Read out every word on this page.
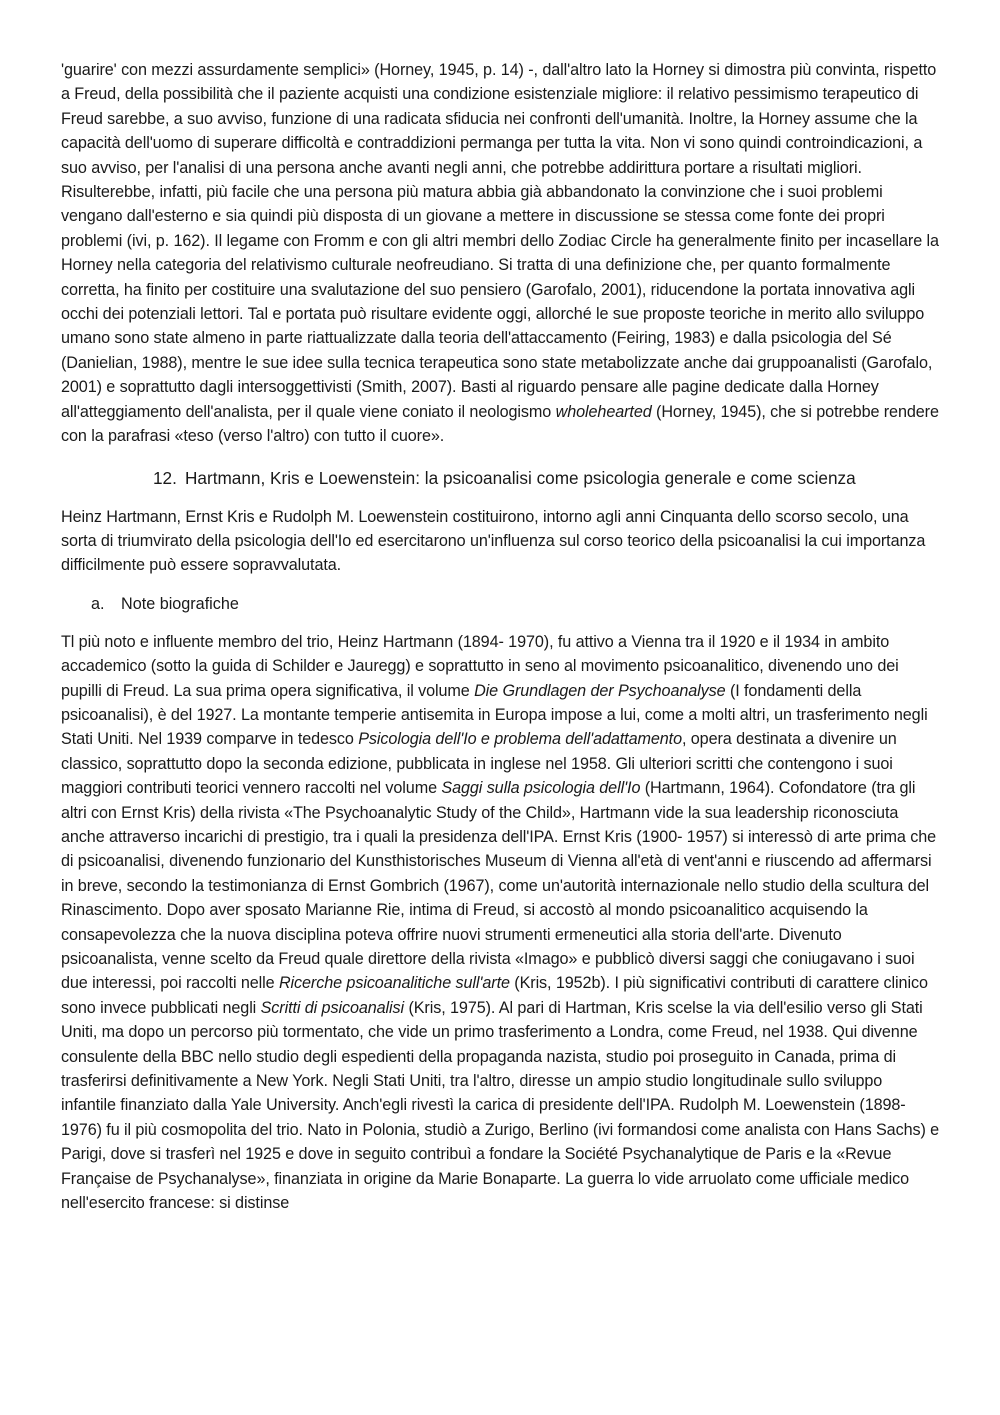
'guarire' con mezzi assurdamente semplici» (Horney, 1945, p. 14) -, dall'altro lato la Horney si dimostra più convinta, rispetto a Freud, della possibilità che il paziente acquisti una condizione esistenziale migliore: il relativo pessimismo terapeutico di Freud sarebbe, a suo avviso, funzione di una radicata sfiducia nei confronti dell'umanità. Inoltre, la Horney assume che la capacità dell'uomo di superare difficoltà e contraddizioni permanga per tutta la vita. Non vi sono quindi controindicazioni, a suo avviso, per l'analisi di una persona anche avanti negli anni, che potrebbe addirittura portare a risultati migliori. Risulterebbe, infatti, più facile che una persona più matura abbia già abbandonato la convinzione che i suoi problemi vengano dall'esterno e sia quindi più disposta di un giovane a mettere in discussione se stessa come fonte dei propri problemi (ivi, p. 162). Il legame con Fromm e con gli altri membri dello Zodiac Circle ha generalmente finito per incasellare la Horney nella categoria del relativismo culturale neofreudiano. Si tratta di una definizione che, per quanto formalmente corretta, ha finito per costituire una svalutazione del suo pensiero (Garofalo, 2001), riducendone la portata innovativa agli occhi dei potenziali lettori. Tal e portata può risultare evidente oggi, allorché le sue proposte teoriche in merito allo sviluppo umano sono state almeno in parte riattualizzate dalla teoria dell'attaccamento (Feiring, 1983) e dalla psicologia del Sé (Danielian, 1988), mentre le sue idee sulla tecnica terapeutica sono state metabolizzate anche dai gruppoanalisti (Garofalo, 2001) e soprattutto dagli intersoggettivisti (Smith, 2007). Basti al riguardo pensare alle pagine dedicate dalla Horney all'atteggiamento dell'analista, per il quale viene coniato il neologismo wholehearted (Horney, 1945), che si potrebbe rendere con la parafrasi «teso (verso l'altro) con tutto il cuore».

12. Hartmann, Kris e Loewenstein: la psicoanalisi come psicologia generale e come scienza

Heinz Hartmann, Ernst Kris e Rudolph M. Loewenstein costituirono, intorno agli anni Cinquanta dello scorso secolo, una sorta di triumvirato della psicologia dell'Io ed esercitarono un'influenza sul corso teorico della psicoanalisi la cui importanza difficilmente può essere sopravvalutata.

a.	Note biografiche

Tl più noto e influente membro del trio, Heinz Hartmann (1894- 1970), fu attivo a Vienna tra il 1920 e il 1934 in ambito accademico (sotto la guida di Schilder e Jauregg) e soprattutto in seno al movimento psicoanalitico, divenendo uno dei pupilli di Freud. La sua prima opera significativa, il volume Die Grundlagen der Psychoanalyse (I fondamenti della psicoanalisi), è del 1927. La montante temperie antisemita in Europa impose a lui, come a molti altri, un trasferimento negli Stati Uniti. Nel 1939 comparve in tedesco Psicologia dell'Io e problema dell'adattamento, opera destinata a divenire un classico, soprattutto dopo la seconda edizione, pubblicata in inglese nel 1958. Gli ulteriori scritti che contengono i suoi maggiori contributi teorici vennero raccolti nel volume Saggi sulla psicologia dell'Io (Hartmann, 1964). Cofondatore (tra gli altri con Ernst Kris) della rivista «The Psychoanalytic Study of the Child», Hartmann vide la sua leadership riconosciuta anche attraverso incarichi di prestigio, tra i quali la presidenza dell'IPA. Ernst Kris (1900- 1957) si interessò di arte prima che di psicoanalisi, divenendo funzionario del Kunsthistorisches Museum di Vienna all'età di vent'anni e riuscendo ad affermarsi in breve, secondo la testimonianza di Ernst Gombrich (1967), come un'autorità internazionale nello studio della scultura del Rinascimento. Dopo aver sposato Marianne Rie, intima di Freud, si accostò al mondo psicoanalitico acquisendo la consapevolezza che la nuova disciplina poteva offrire nuovi strumenti ermeneutici alla storia dell'arte. Divenuto psicoanalista, venne scelto da Freud quale direttore della rivista «Imago» e pubblicò diversi saggi che coniugavano i suoi due interessi, poi raccolti nelle Ricerche psicoanalitiche sull'arte (Kris, 1952b). I più significativi contributi di carattere clinico sono invece pubblicati negli Scritti di psicoanalisi (Kris, 1975). Al pari di Hartman, Kris scelse la via dell'esilio verso gli Stati Uniti, ma dopo un percorso più tormentato, che vide un primo trasferimento a Londra, come Freud, nel 1938. Qui divenne consulente della BBC nello studio degli espedienti della propaganda nazista, studio poi proseguito in Canada, prima di trasferirsi definitivamente a New York. Negli Stati Uniti, tra l'altro, diresse un ampio studio longitudinale sullo sviluppo infantile finanziato dalla Yale University. Anch'egli rivestì la carica di presidente dell'IPA. Rudolph M. Loewenstein (1898-1976) fu il più cosmopolita del trio. Nato in Polonia, studiò a Zurigo, Berlino (ivi formandosi come analista con Hans Sachs) e Parigi, dove si trasferì nel 1925 e dove in seguito contribuì a fondare la Société Psychanalytique de Paris e la «Revue Française de Psychanalyse», finanziata in origine da Marie Bonaparte. La guerra lo vide arruolato come ufficiale medico nell'esercito francese: si distinse
